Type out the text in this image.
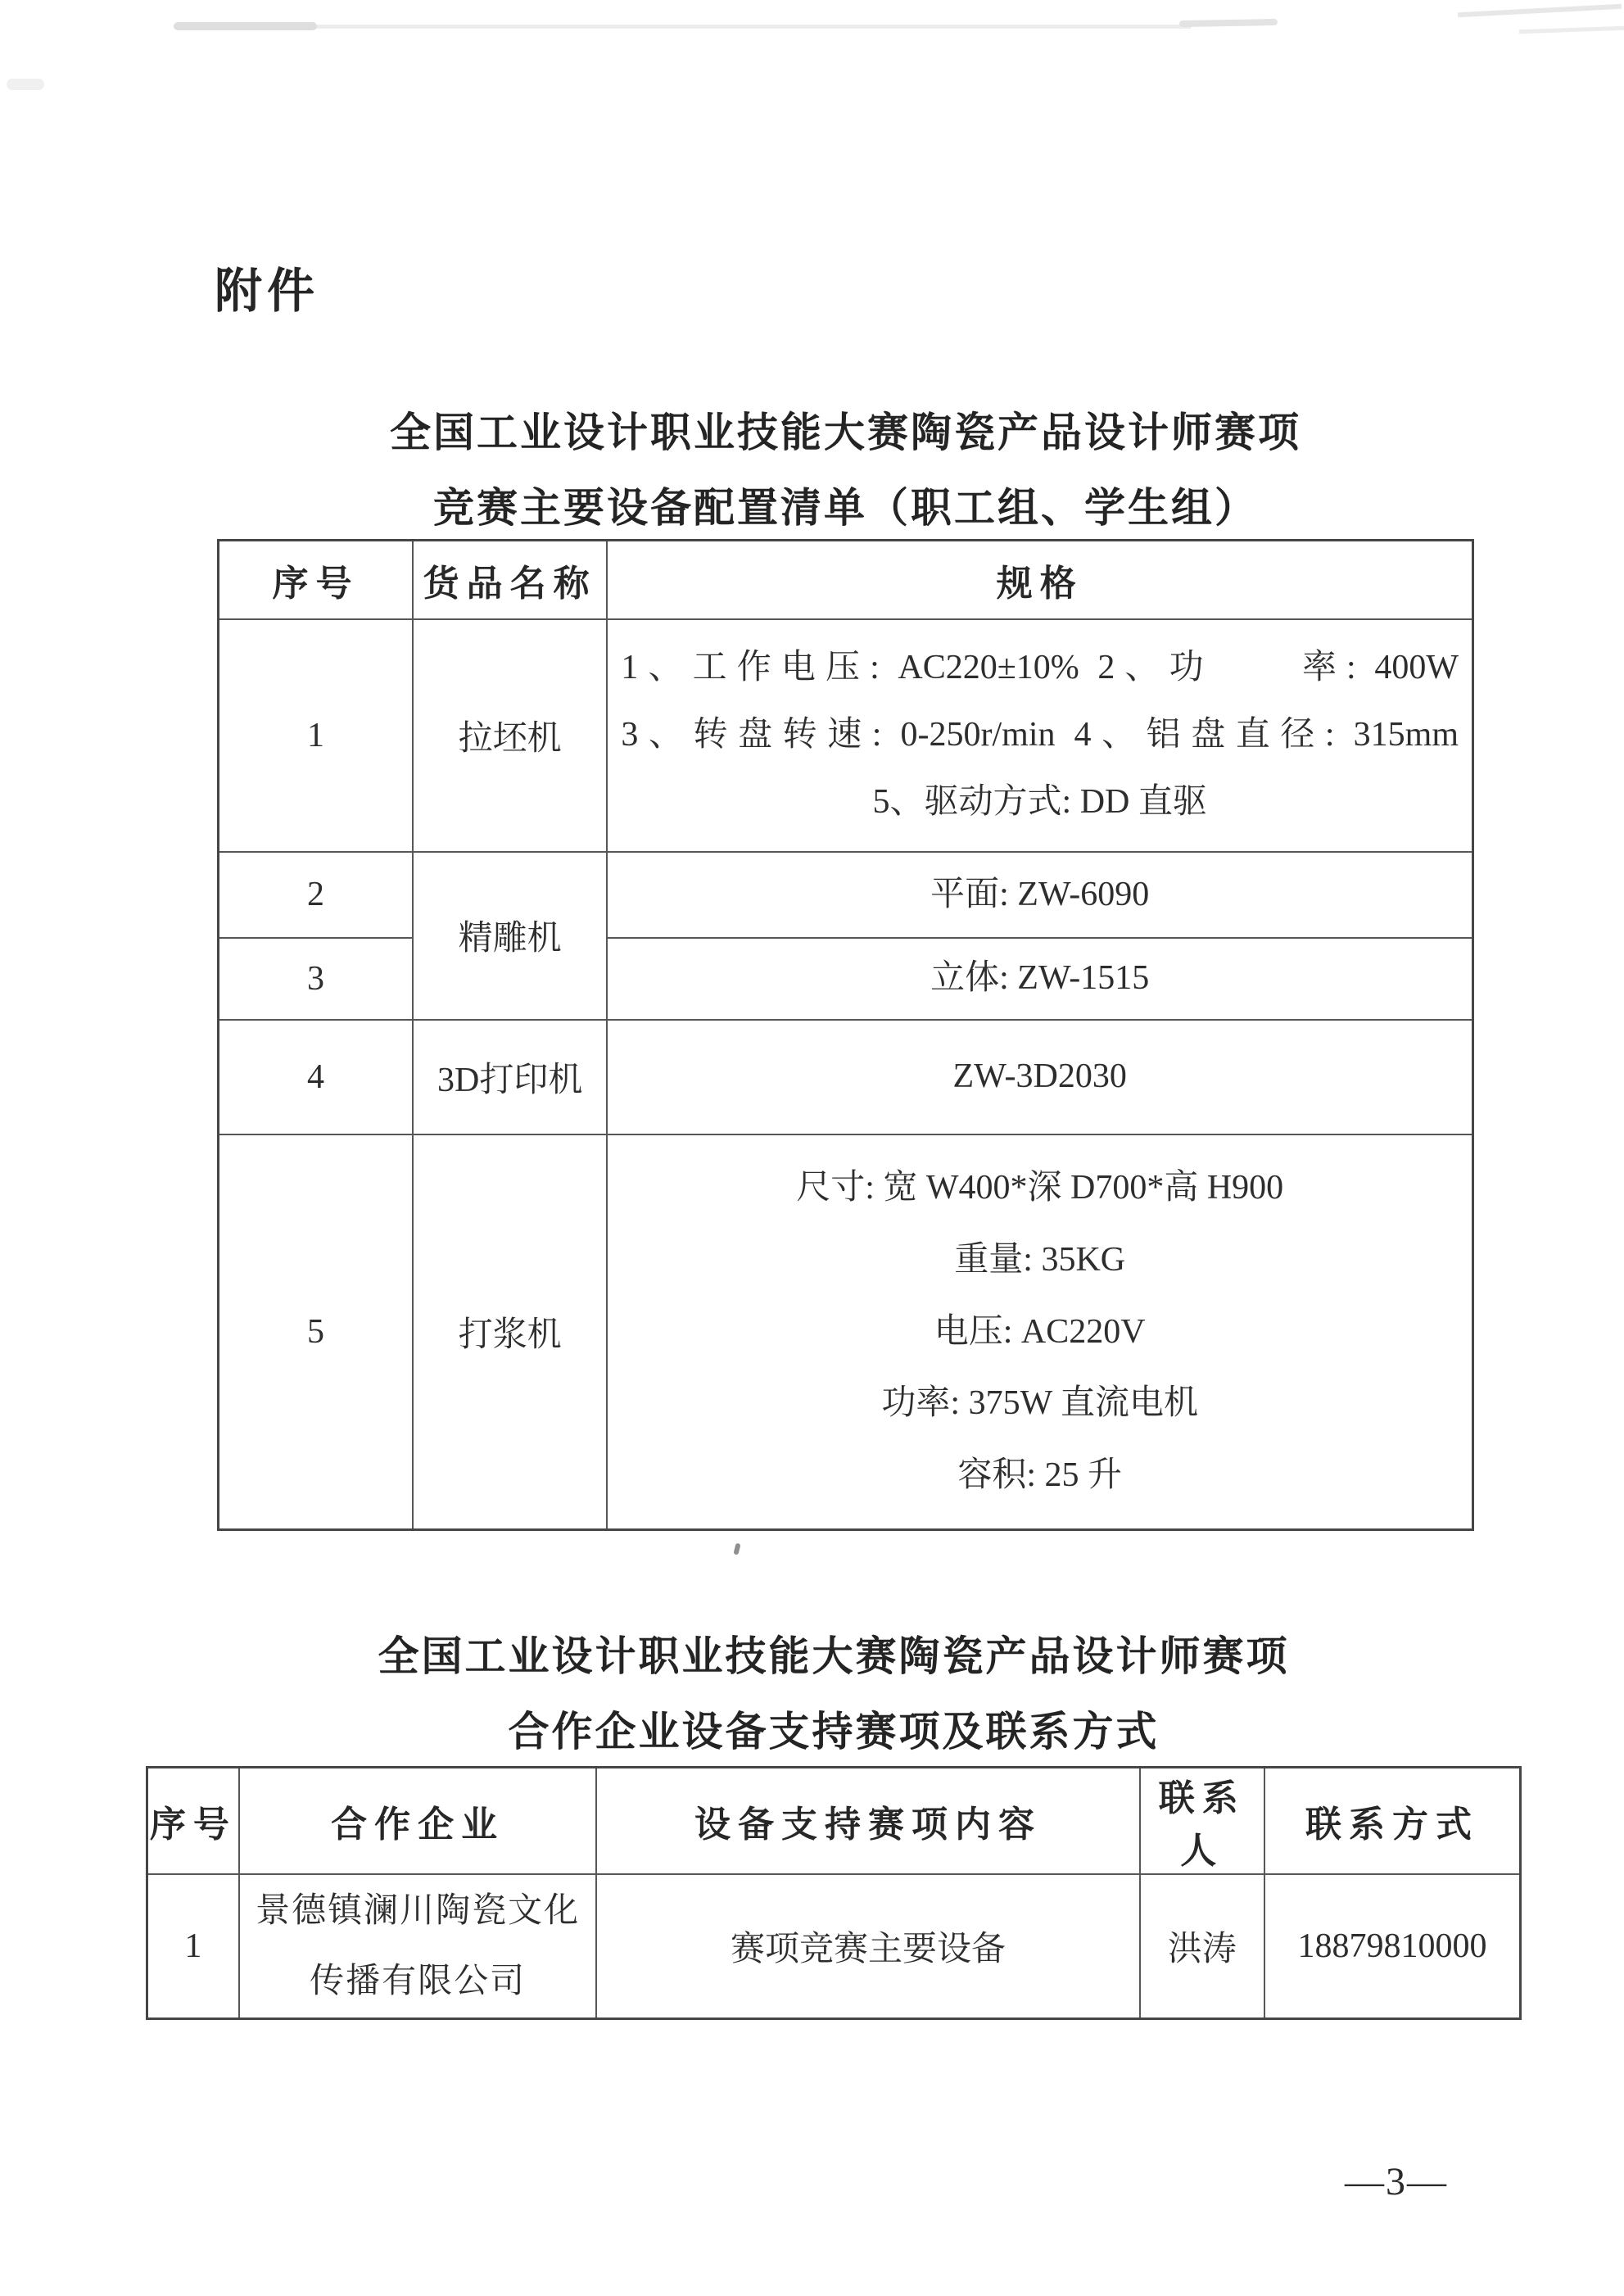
附件
全国工业设计职业技能大赛陶瓷产品设计师赛项
竞赛主要设备配置清单（职工组、学生组）
序号	货品名称	规格
1	拉坯机	1、工作电压: AC220±10% 2、功　　率: 400W
3、转盘转速: 0-250r/min 4、铝盘直径: 315mm
5、驱动方式: DD 直驱

2	精雕机	平面: ZW-6090

3		立体: ZW-1515

4	3D打印机	ZW-3D2030

5	打浆机	尺寸: 宽 W400*深 D700*高 H900
重量: 35KG
电压: AC220V
功率: 375W 直流电机
容积: 25 升
全国工业设计职业技能大赛陶瓷产品设计师赛项
合作企业设备支持赛项及联系方式
序号	合作企业	设备支持赛项内容	联系人	联系方式
1	景德镇澜川陶瓷文化传播有限公司	赛项竞赛主要设备	洪涛	18879810000
—3—
